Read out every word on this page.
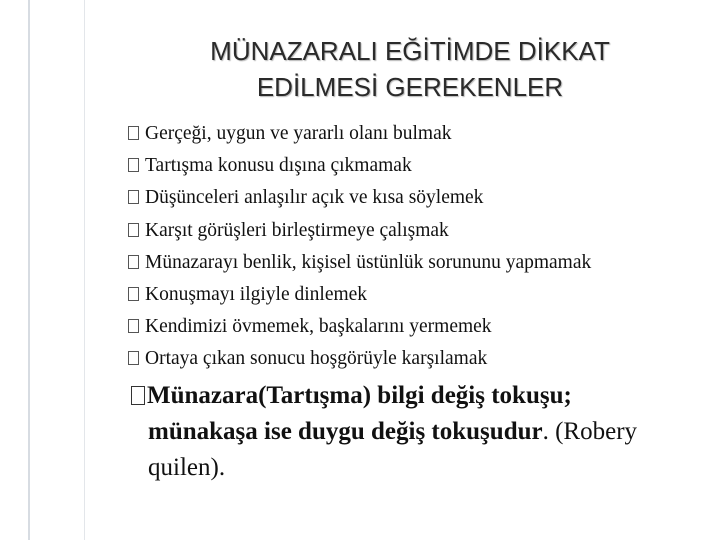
MÜNAZARALI EĞİTİMDE DİKKAT
EDİLMESİ GEREKENLER
Gerçeği, uygun ve yararlı olanı bulmak
Tartışma konusu dışına çıkmamak
Düşünceleri anlaşılır açık ve kısa söylemek
Karşıt görüşleri birleştirmeye çalışmak
Münazarayı benlik, kişisel üstünlük sorununu yapmamak
Konuşmayı ilgiyle dinlemek
Kendimizi övmemek, başkalarını yermemek
Ortaya çıkan sonucu hoşgörüyle karşılamak
Münazara(Tartışma) bilgi değiş tokuşu;
münakaşa ise duygu değiş tokuşudur. (Robery
quilen).
